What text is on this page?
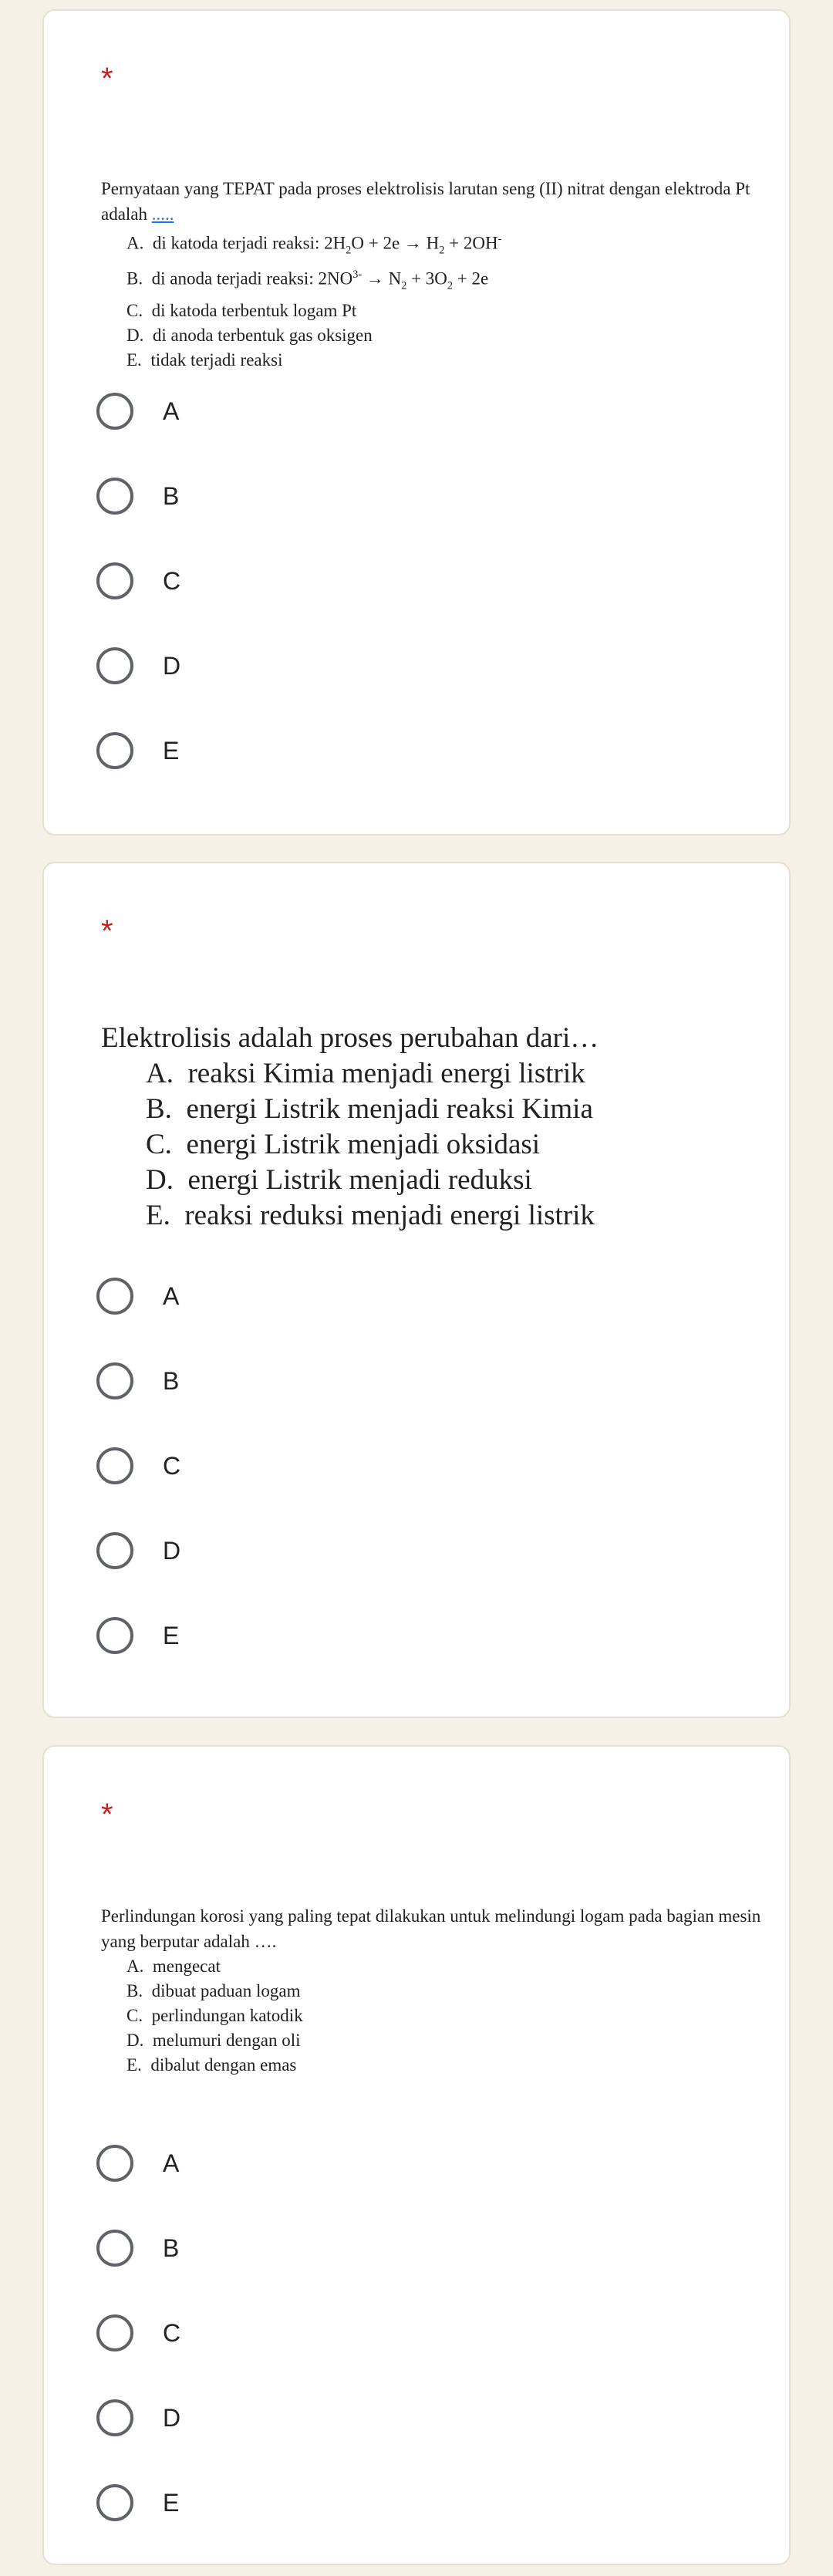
*

Pernyataan yang TEPAT pada proses elektrolisis larutan seng (II) nitrat dengan elektroda Pt adalah .....

A. di katoda terjadi reaksi: $2H_2O + 2e \to H_2 + 2OH^-$

B. di anoda terjadi reaksi: $2NO^{3-} \to N_2 + 3O_2 + 2e$

C. di katoda terbentuk logam Pt

D. di anoda terbentuk gas oksigen

E. tidak terjadi reaksi

A
B
C
D
E
*

Elektrolisis adalah proses perubahan dari…

A. reaksi Kimia menjadi energi listrik

B. energi Listrik menjadi reaksi Kimia

C. energi Listrik menjadi oksidasi

D. energi Listrik menjadi reduksi

E. reaksi reduksi menjadi energi listrik

A
B
C
D
E
*

Perlindungan korosi yang paling tepat dilakukan untuk melindungi logam pada bagian mesin yang berputar adalah ….

A. mengecat

B. dibuat paduan logam

C. perlindungan katodik

D. melumuri dengan oli

E. dibalut dengan emas

A
B
C
D
E
